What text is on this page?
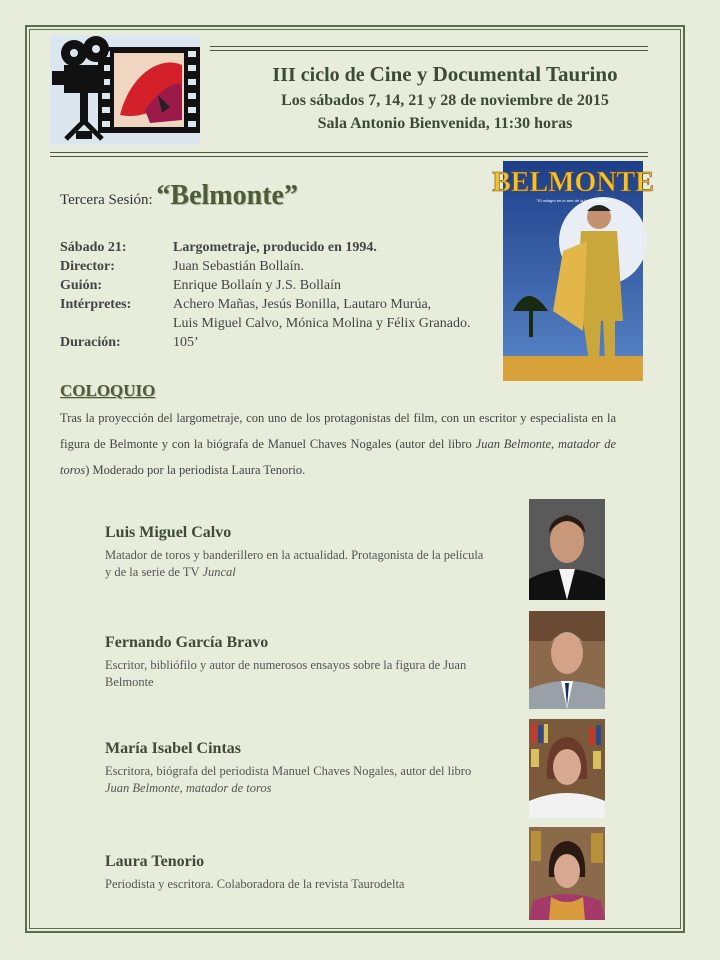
III ciclo de Cine y Documental Taurino
Los sábados 7, 14, 21 y 28 de noviembre de 2015
Sala Antonio Bienvenida, 11:30 horas
BELMONTE
"El milagro en el arte de la lidia ecuestre"
Tercera Sesión: “Belmonte”
Sábado 21:	Largometraje, producido en 1994.
Director:	Juan Sebastián Bollaín.
Guión:	Enrique Bollaín y J.S. Bollaín
Intérpretes:	Achero Mañas, Jesús Bonilla, Lautaro Murúa,
Luis Miguel Calvo, Mónica Molina y Félix Granado.
Duración:	105’
COLOQUIO
Tras la proyección del largometraje, con uno de los protagonistas del film, con un escritor y especialista en la figura de Belmonte y con la biógrafa de Manuel Chaves Nogales (autor del libro Juan Belmonte, matador de toros) Moderado por la periodista Laura Tenorio.
Luis Miguel Calvo
Matador de toros y banderillero en la actualidad. Protagonista de la película y de la serie de TV Juncal
Fernando García Bravo
Escritor, bibliófilo y autor de numerosos ensayos sobre la figura de Juan Belmonte
María Isabel Cintas
Escritora, biógrafa del periodista Manuel Chaves Nogales, autor del libro Juan Belmonte, matador de toros
Laura Tenorio
Periodista y escritora. Colaboradora de la revista Taurodelta
